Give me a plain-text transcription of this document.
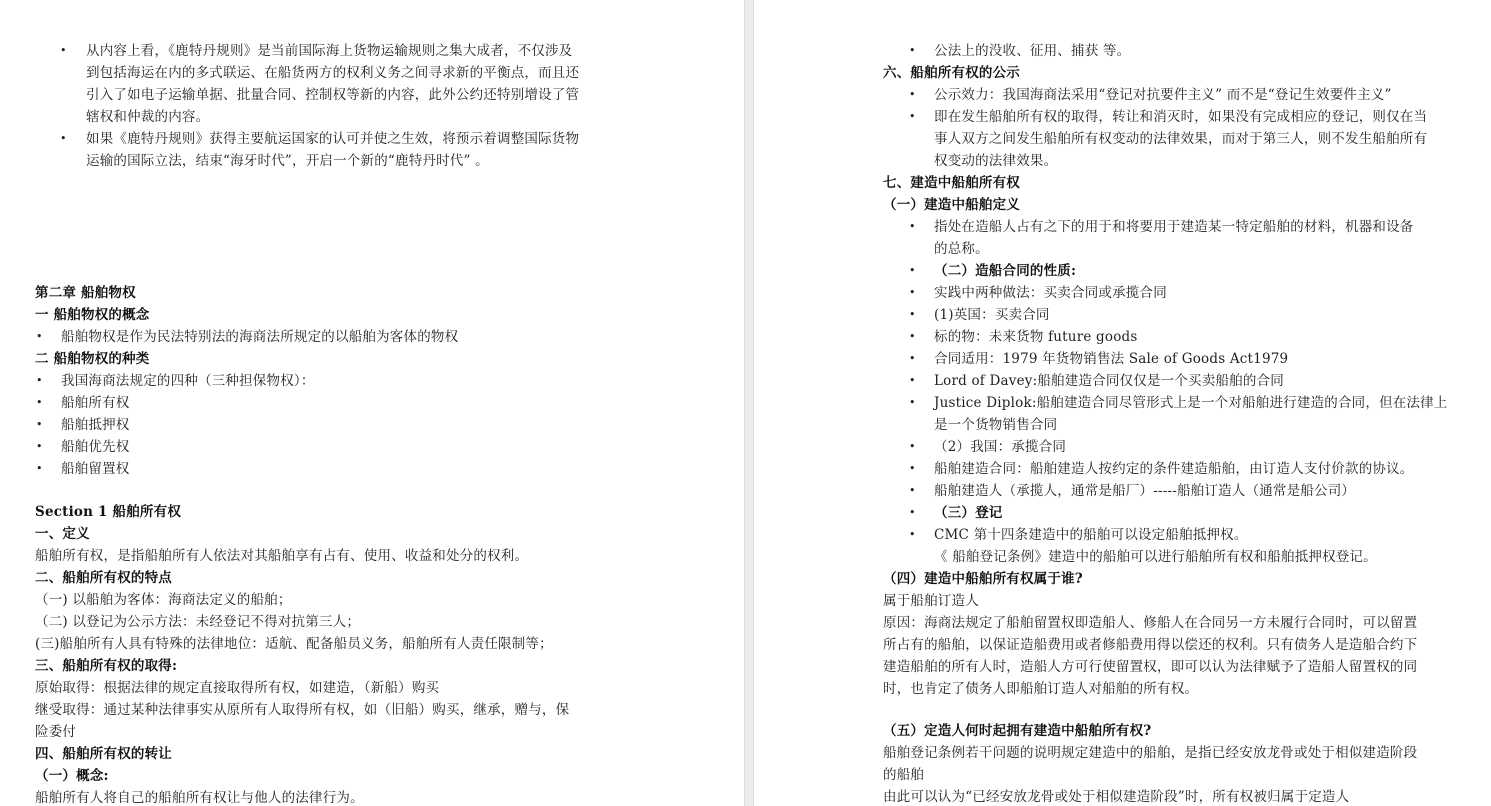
• 从内容上看，《鹿特丹规则》是当前国际海上货物运输规则之集大成者，不仅涉及
到包括海运在内的多式联运、在船货两方的权利义务之间寻求新的平衡点，而且还
引入了如电子运输单据、批量合同、控制权等新的内容，此外公约还特别增设了管
辖权和仲裁的内容。
• 如果《鹿特丹规则》获得主要航运国家的认可并使之生效，将预示着调整国际货物
运输的国际立法，结束“海牙时代”，开启一个新的“鹿特丹时代” 。
第二章 船舶物权
一 船舶物权的概念
• 船舶物权是作为民法特别法的海商法所规定的以船舶为客体的物权
二 船舶物权的种类
• 我国海商法规定的四种（三种担保物权）：
• 船舶所有权
• 船舶抵押权
• 船舶优先权
• 船舶留置权
Section 1 船舶所有权
一、定义
船舶所有权，是指船舶所有人依法对其船舶享有占有、使用、收益和处分的权利。
二、船舶所有权的特点
（一) 以船舶为客体：海商法定义的船舶；
（二) 以登记为公示方法：未经登记不得对抗第三人；
(三)船舶所有人具有特殊的法律地位：适航、配备船员义务，船舶所有人责任限制等；
三、船舶所有权的取得:
原始取得：根据法律的规定直接取得所有权，如建造，（新船）购买
继受取得：通过某种法律事实从原所有人取得所有权，如（旧船）购买，继承，赠与，保
险委付
四、船舶所有权的转让
（一）概念:
船舶所有人将自己的船舶所有权让与他人的法律行为。
• 公法上的没收、征用、捕获 等。
六、船舶所有权的公示
• 公示效力：我国海商法采用“登记对抗要件主义” 而不是“登记生效要件主义”
• 即在发生船舶所有权的取得，转让和消灭时，如果没有完成相应的登记，则仅在当
事人双方之间发生船舶所有权变动的法律效果，而对于第三人，则不发生船舶所有
权变动的法律效果。
七、建造中船舶所有权
（一）建造中船舶定义
• 指处在造船人占有之下的用于和将要用于建造某一特定船舶的材料，机器和设备
的总称。
• （二）造船合同的性质:
• 实践中两种做法：买卖合同或承揽合同
• (1)英国：买卖合同
• 标的物：未来货物 future goods
• 合同适用：1979 年货物销售法 Sale of Goods Act1979
• Lord of Davey:船舶建造合同仅仅是一个买卖船舶的合同
• Justice Diplok:船舶建造合同尽管形式上是一个对船舶进行建造的合同，但在法律上
是一个货物销售合同
• （2）我国：承揽合同
• 船舶建造合同：船舶建造人按约定的条件建造船舶，由订造人支付价款的协议。
• 船舶建造人（承揽人，通常是船厂）-----船舶订造人（通常是船公司）
• （三）登记
• CMC 第十四条建造中的船舶可以设定船舶抵押权。
《 船舶登记条例》建造中的船舶可以进行船舶所有权和船舶抵押权登记。
（四）建造中船舶所有权属于谁?
属于船舶订造人
原因：海商法规定了船舶留置权即造船人、修船人在合同另一方未履行合同时，可以留置
所占有的船舶，以保证造船费用或者修船费用得以偿还的权利。只有债务人是造船合约下
建造船舶的所有人时，造船人方可行使留置权，即可以认为法律赋予了造船人留置权的同
时，也肯定了债务人即船舶订造人对船舶的所有权。
（五）定造人何时起拥有建造中船舶所有权?
船舶登记条例若干问题的说明规定建造中的船舶，是指已经安放龙骨或处于相似建造阶段
的船舶
由此可以认为“已经安放龙骨或处于相似建造阶段”时，所有权被归属于定造人
